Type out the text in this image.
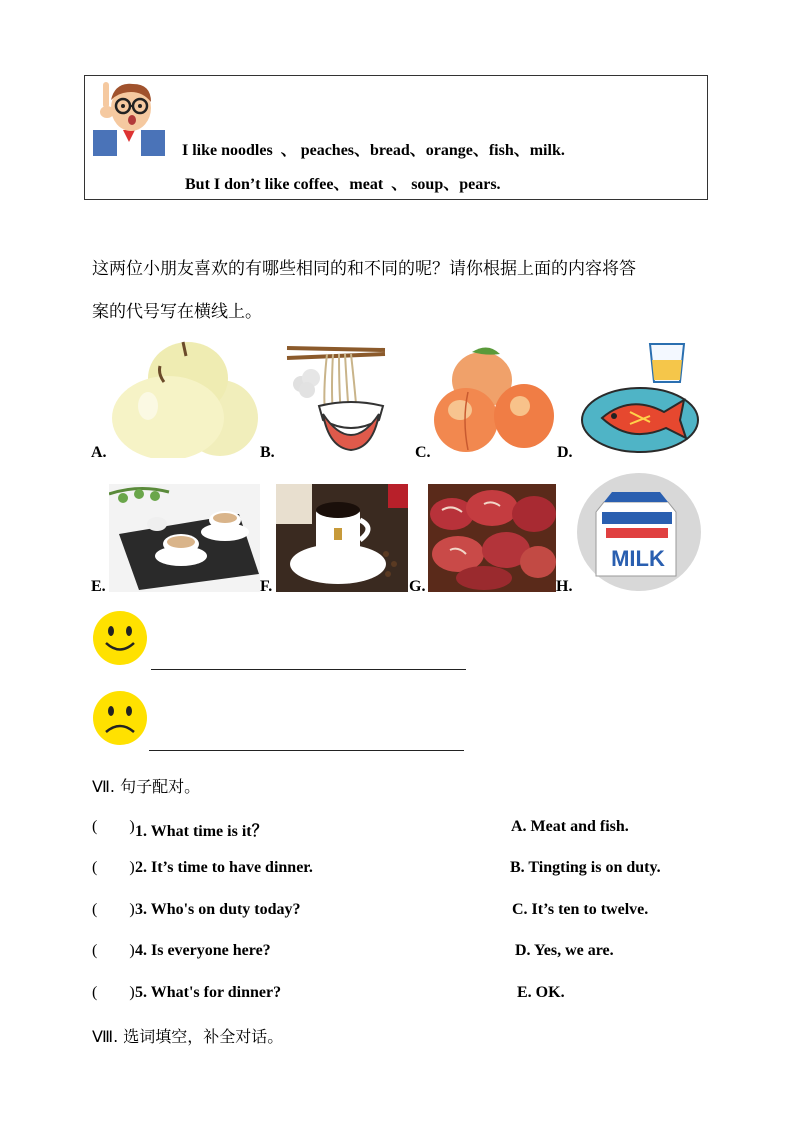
I like noodles  、 peaches、bread、orange、fish、milk.
But I don’t like coffee、meat  、 soup、pears.
这两位小朋友喜欢的有哪些相同的和不同的呢？请你根据上面的内容将答
案的代号写在横线上。
A.	B.	C.	D.
E.	F.	G.	H.
MILK
Ⅶ. 句子配对。
(        ) 1. What time is it？	A. Meat and fish.
(        ) 2. It’s time to have dinner.	B. Tingting is on duty.
(        ) 3. Who's on duty today?	C. It’s ten to twelve.
(        ) 4. Is everyone here?	D. Yes, we are.
(        ) 5. What's for dinner?	E. OK.
Ⅷ. 选词填空，补全对话。
